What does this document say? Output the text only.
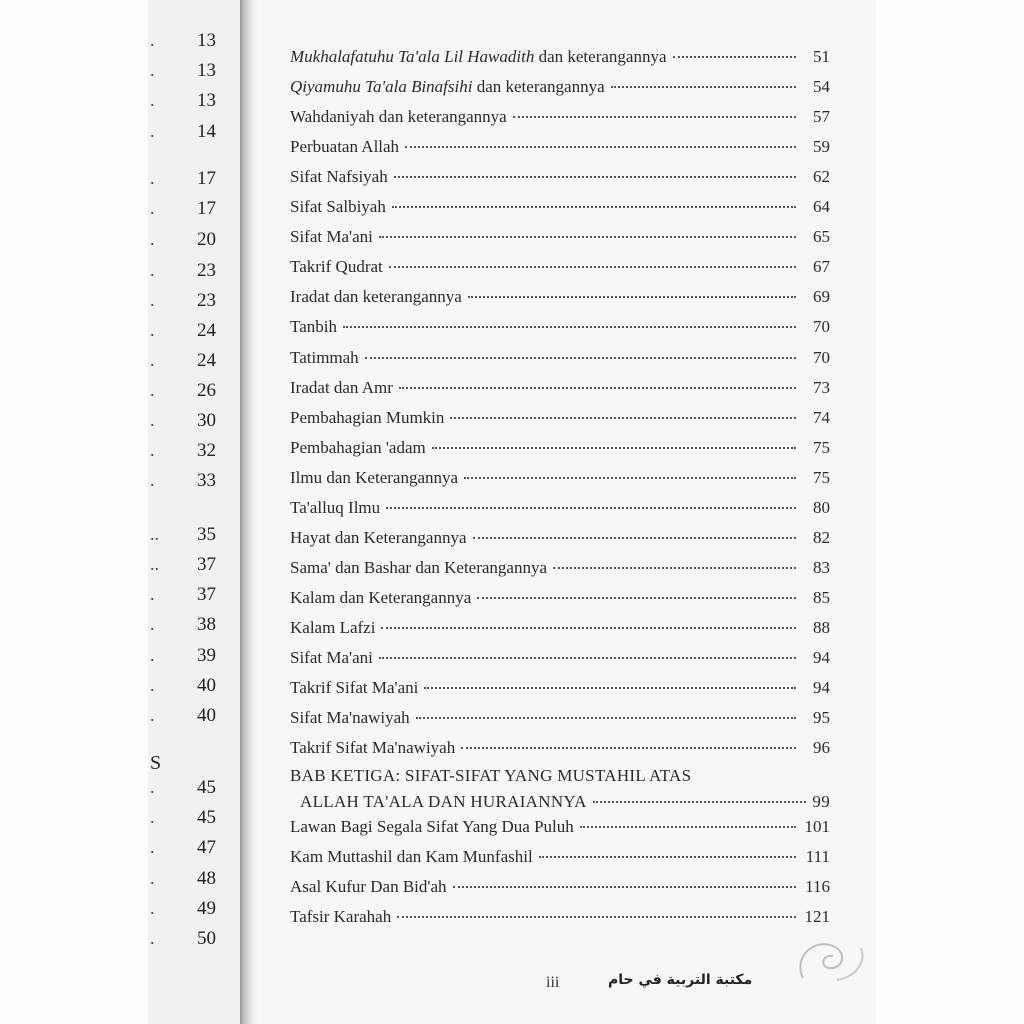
S
. 13
. 13
. 13
. 14
. 17
. 17
. 20
. 23
. 23
. 24
. 24
. 26
. 30
. 32
. 33
.. 35
.. 37
. 37
. 38
. 39
. 40
. 40
. 45
. 45
. 47
. 48
. 49
. 50
BAB KETIGA: SIFAT-SIFAT YANG MUSTAHIL ATAS
ALLAH TA'ALA DAN HURAIANNYA	99
iii	مكتبة التربية في حام
Mukhalafatuhu Ta'ala Lil Hawadith dan keterangannya	51
Qiyamuhu Ta'ala Binafsihi dan keterangannya	54
Wahdaniyah dan keterangannya	57
Perbuatan Allah	59
Sifat Nafsiyah	62
Sifat Salbiyah	64
Sifat Ma'ani	65
Takrif Qudrat	67
Iradat dan keterangannya	69
Tanbih	70
Tatimmah	70
Iradat dan Amr	73
Pembahagian Mumkin	74
Pembahagian 'adam	75
Ilmu dan Keterangannya	75
Ta'alluq Ilmu	80
Hayat dan Keterangannya	82
Sama' dan Bashar dan Keterangannya	83
Kalam dan Keterangannya	85
Kalam Lafzi	88
Sifat Ma'ani	94
Takrif Sifat Ma'ani	94
Sifat Ma'nawiyah	95
Takrif Sifat Ma'nawiyah	96
Lawan Bagi Segala Sifat Yang Dua Puluh	101
Kam Muttashil dan Kam Munfashil	111
Asal Kufur Dan Bid'ah	116
Tafsir Karahah	121
